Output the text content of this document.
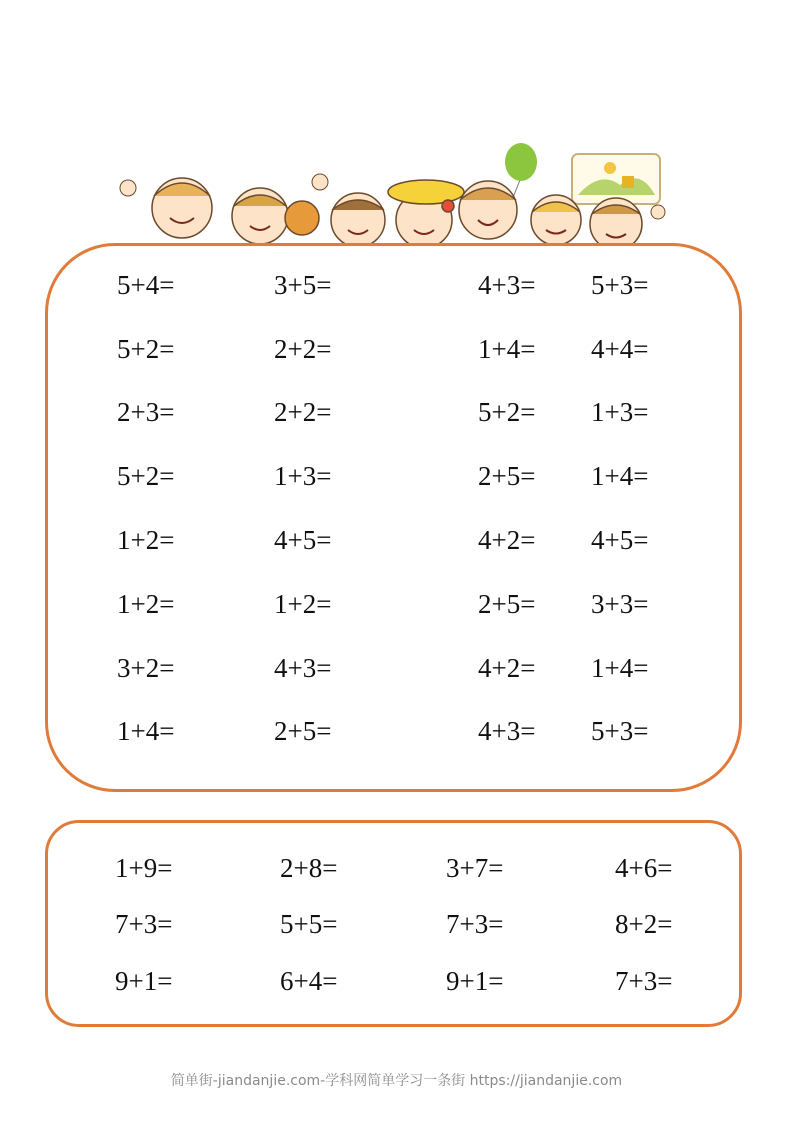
5+4=	3+5=	4+3= 5+3=
5+2=	2+2=	1+4= 4+4=
2+3=	2+2=	5+2= 1+3=
5+2=	1+3=	2+5= 1+4=
1+2=	4+5=	4+2= 4+5=
1+2=	1+2=	2+5= 3+3=
3+2=	4+3=	4+2= 1+4=
1+4=	2+5=	4+3= 5+3=
1+9=	2+8=	3+7=	4+6=
7+3=	5+5=	7+3=	8+2=
9+1=	6+4=	9+1=	7+3=
简单街-jiandanjie.com-学科网简单学习一条街 https://jiandanjie.com
